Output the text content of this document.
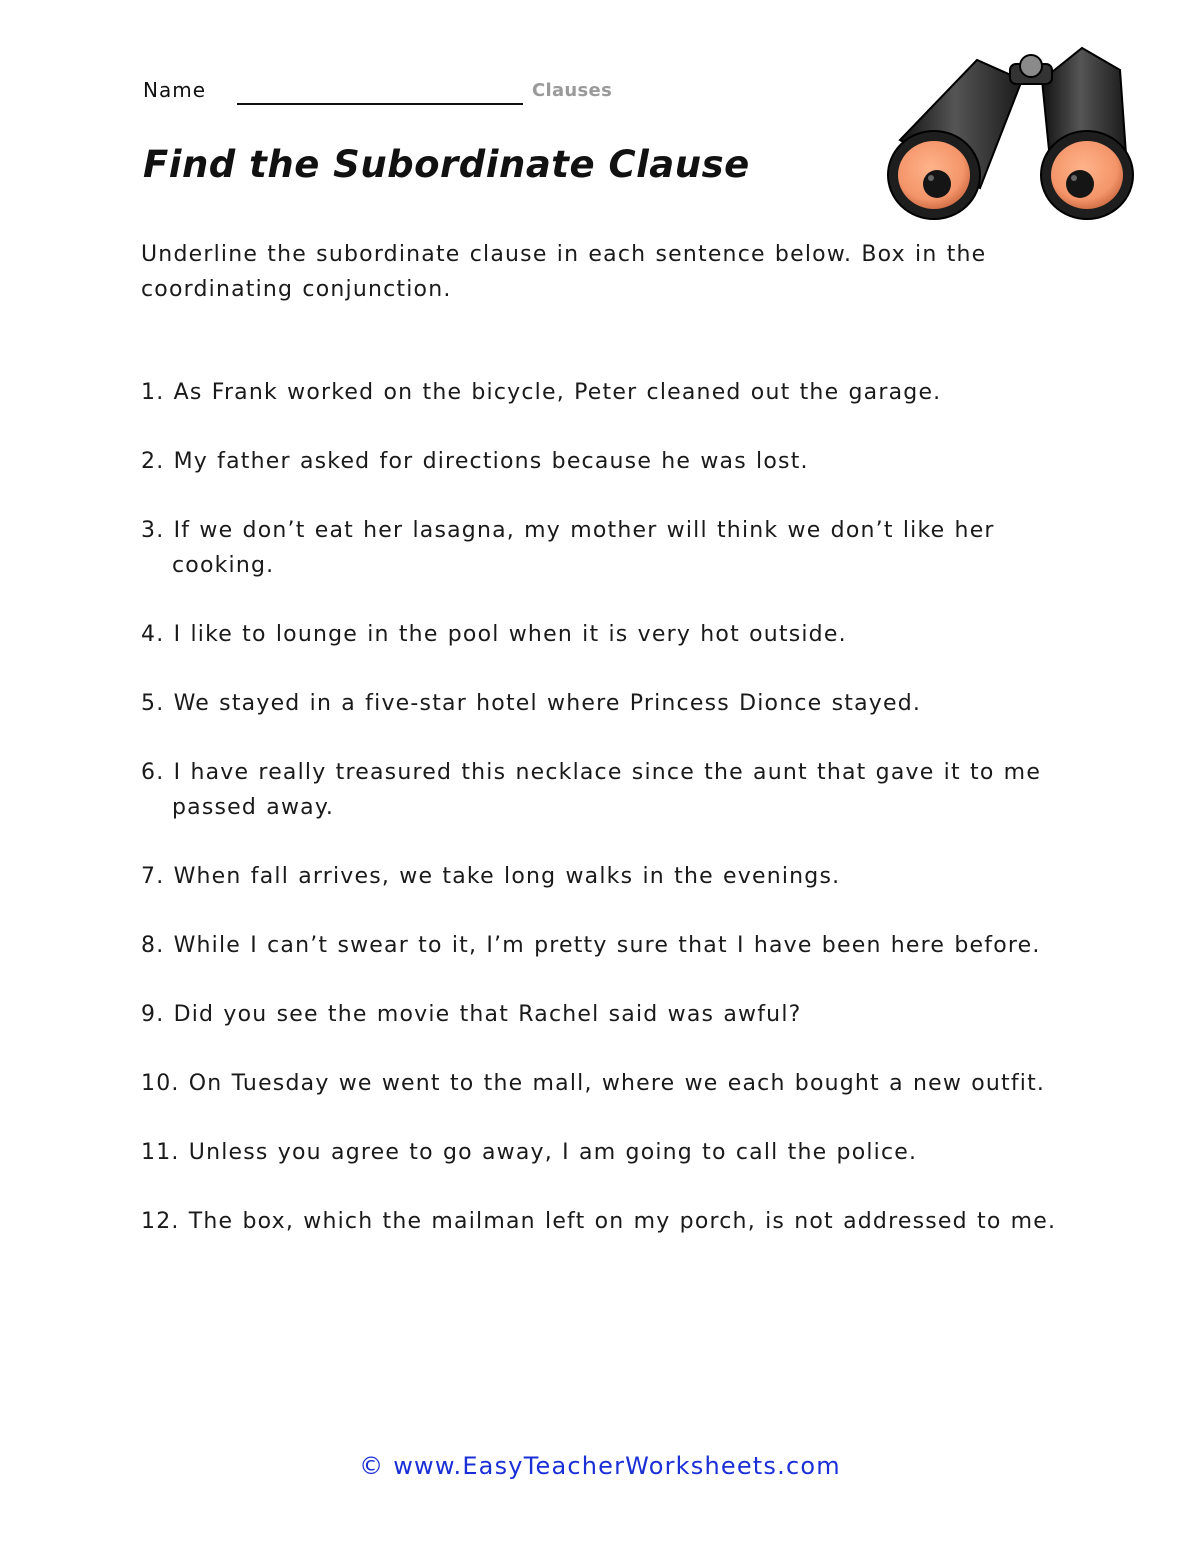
Name	Clauses
Find the Subordinate Clause

Underline the subordinate clause in each sentence below. Box in the coordinating conjunction.

1. As Frank worked on the bicycle, Peter cleaned out the garage.
2. My father asked for directions because he was lost.
3. If we don’t eat her lasagna, my mother will think we don’t like her cooking.
4. I like to lounge in the pool when it is very hot outside.
5. We stayed in a five-star hotel where Princess Dionce stayed.
6. I have really treasured this necklace since the aunt that gave it to me passed away.
7. When fall arrives, we take long walks in the evenings.
8. While I can’t swear to it, I’m pretty sure that I have been here before.
9. Did you see the movie that Rachel said was awful?
10. On Tuesday we went to the mall, where we each bought a new outfit.
11. Unless you agree to go away, I am going to call the police.
12. The box, which the mailman left on my porch, is not addressed to me.
© www.EasyTeacherWorksheets.com
